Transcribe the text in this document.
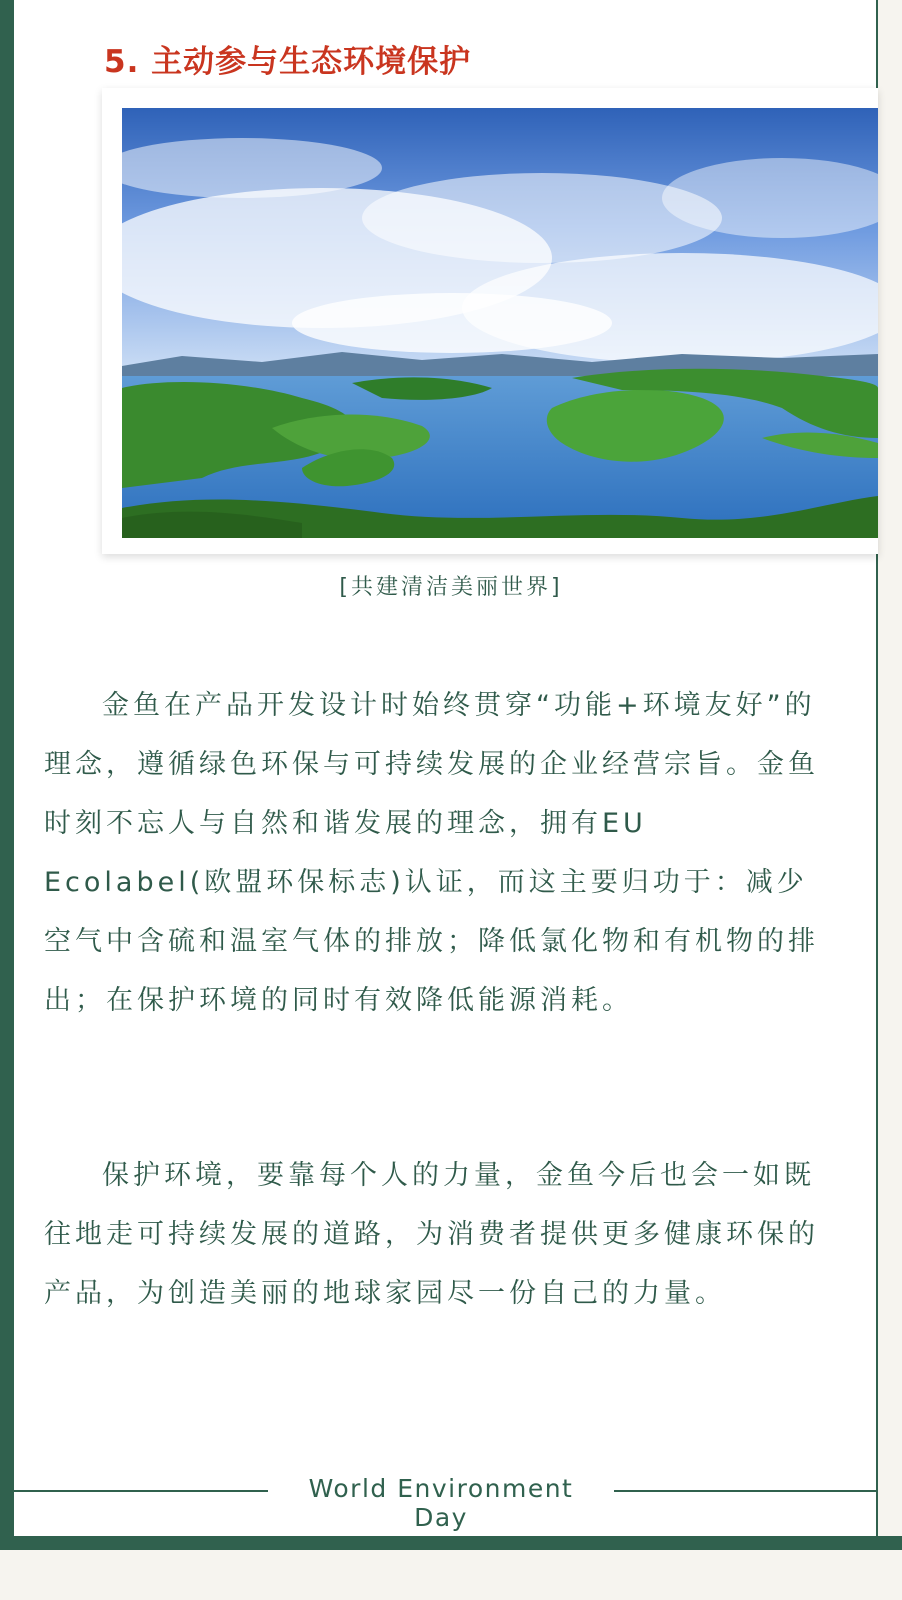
5. 主动参与生态环境保护

[共建清洁美丽世界]

金鱼在产品开发设计时始终贯穿“功能+环境友好”的理念，遵循绿色环保与可持续发展的企业经营宗旨。金鱼时刻不忘人与自然和谐发展的理念，拥有EU Ecolabel(欧盟环保标志)认证，而这主要归功于：减少空气中含硫和温室气体的排放；降低氯化物和有机物的排出；在保护环境的同时有效降低能源消耗。

保护环境，要靠每个人的力量，金鱼今后也会一如既往地走可持续发展的道路，为消费者提供更多健康环保的产品，为创造美丽的地球家园尽一份自己的力量。

World Environment Day
